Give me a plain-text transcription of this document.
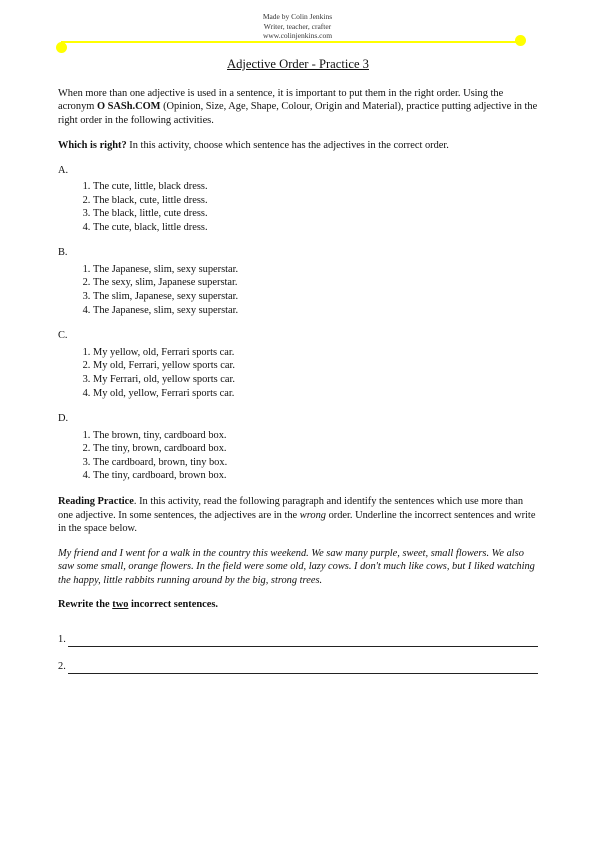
Made by Colin Jenkins
Writer, teacher, crafter
www.colinjenkins.com
Adjective Order - Practice 3

When more than one adjective is used in a sentence, it is important to put them in the right order. Using the acronym O SASh.COM (Opinion, Size, Age, Shape, Colour, Origin and Material), practice putting adjective in the right order in the following activities.

Which is right? In this activity, choose which sentence has the adjectives in the correct order.

A.
1. The cute, little, black dress.
2. The black, cute, little dress.
3. The black, little, cute dress.
4. The cute, black, little dress.
B.
1. The Japanese, slim, sexy superstar.
2. The sexy, slim, Japanese superstar.
3. The slim, Japanese, sexy superstar.
4. The Japanese, slim, sexy superstar.
C.
1. My yellow, old, Ferrari sports car.
2. My old, Ferrari, yellow sports car.
3. My Ferrari, old, yellow sports car.
4. My old, yellow, Ferrari sports car.
D.
1. The brown, tiny, cardboard box.
2. The tiny, brown, cardboard box.
3. The cardboard, brown, tiny box.
4. The tiny, cardboard, brown box.

Reading Practice. In this activity, read the following paragraph and identify the sentences which use more than one adjective. In some sentences, the adjectives are in the wrong order. Underline the incorrect sentences and write in the space below.

My friend and I went for a walk in the country this weekend. We saw many purple, sweet, small flowers. We also saw some small, orange flowers. In the field were some old, lazy cows. I don't much like cows, but I liked watching the happy, little rabbits running around by the big, strong trees.

Rewrite the two incorrect sentences.

1.
2.
